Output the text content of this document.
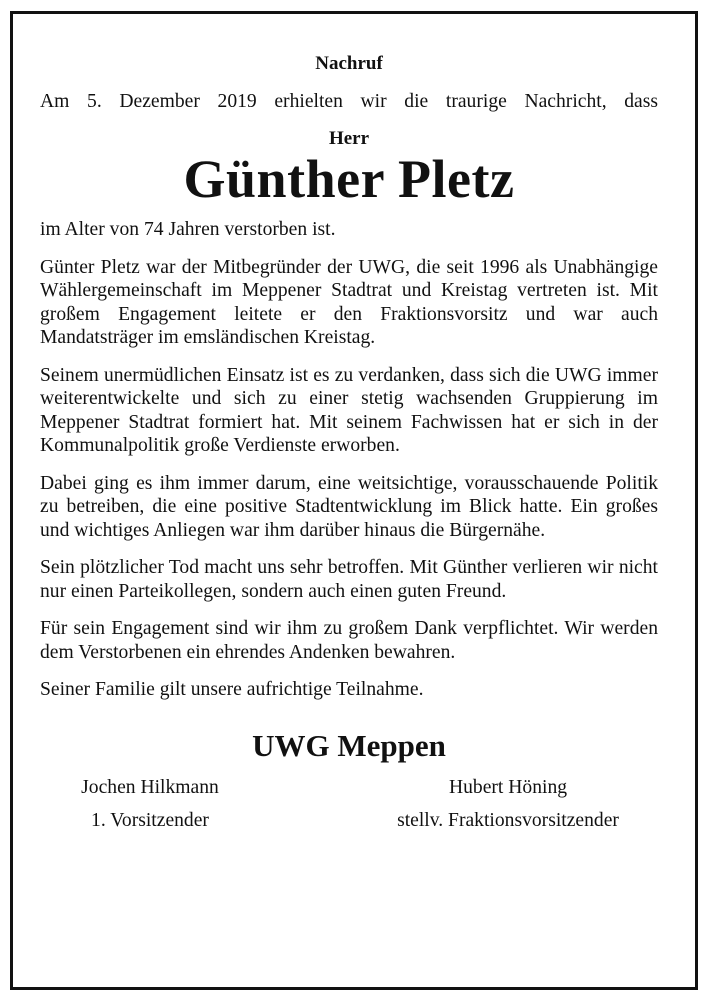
Nachruf
Am 5. Dezember 2019 erhielten wir die traurige Nachricht, dass
Herr
Günther Pletz

im Alter von 74 Jahren verstorben ist.

Günter Pletz war der Mitbegründer der UWG, die seit 1996 als Unabhängige Wählergemeinschaft im Meppener Stadtrat und Kreistag vertreten ist. Mit großem Engagement leitete er den Fraktionsvorsitz und war auch Mandatsträger im emsländischen Kreistag.

Seinem unermüdlichen Einsatz ist es zu verdanken, dass sich die UWG immer weiterentwickelte und sich zu einer stetig wachsenden Gruppierung im Meppener Stadtrat formiert hat. Mit seinem Fachwissen hat er sich in der Kommunalpolitik große Verdienste erworben.

Dabei ging es ihm immer darum, eine weitsichtige, vorausschauende Politik zu betreiben, die eine positive Stadtentwicklung im Blick hatte. Ein großes und wichtiges Anliegen war ihm darüber hinaus die Bürgernähe.

Sein plötzlicher Tod macht uns sehr betroffen. Mit Günther verlieren wir nicht nur einen Parteikollegen, sondern auch einen guten Freund.

Für sein Engagement sind wir ihm zu großem Dank verpflichtet. Wir werden dem Verstorbenen ein ehrendes Andenken bewahren.

Seiner Familie gilt unsere aufrichtige Teilnahme.

UWG Meppen
Jochen Hilkmann
1. Vorsitzender
Hubert Höning
stellv. Fraktionsvorsitzender
